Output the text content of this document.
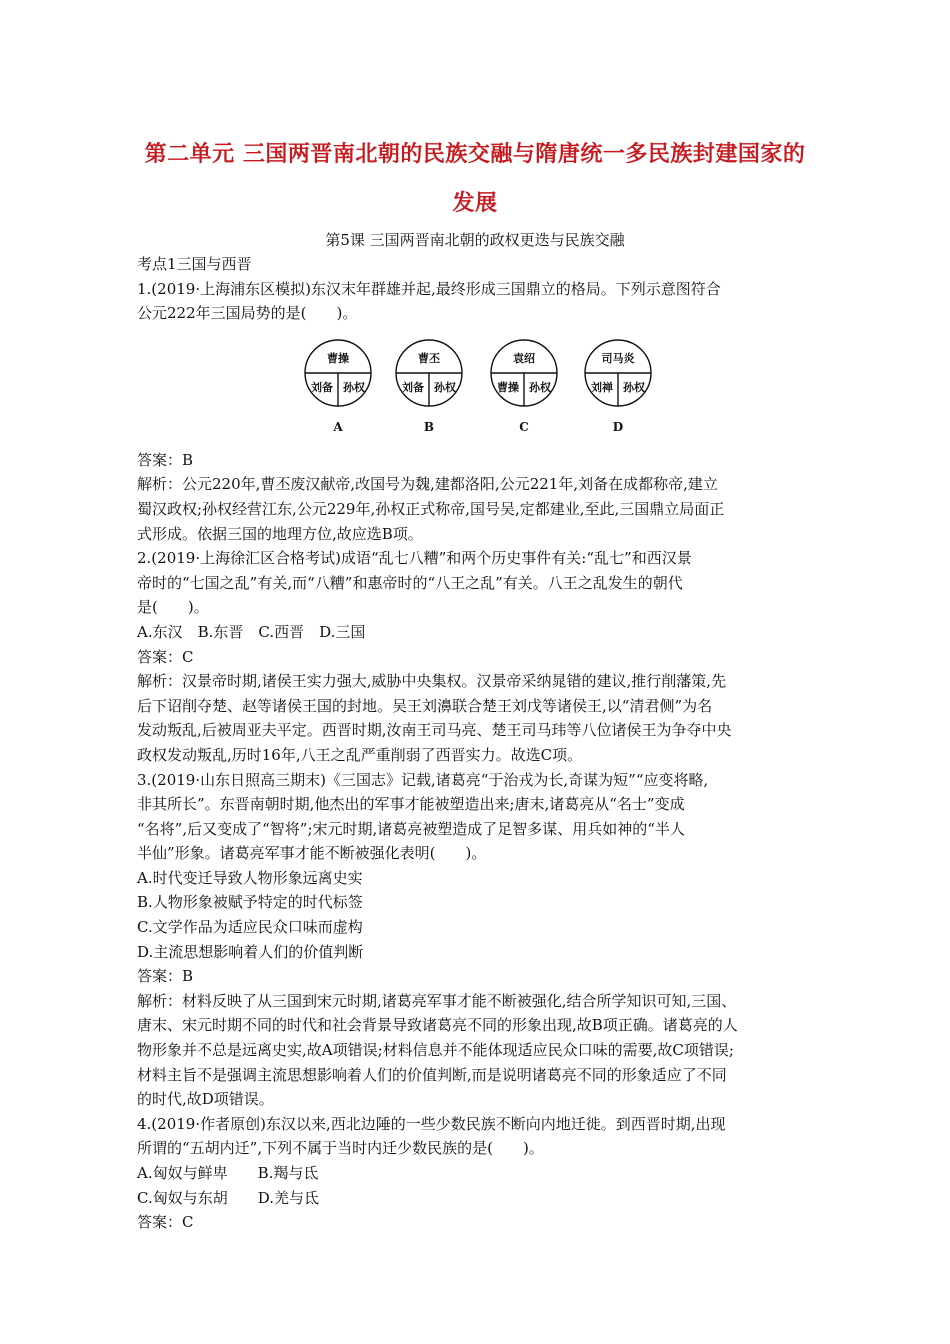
第二单元 三国两晋南北朝的民族交融与隋唐统一多民族封建国家的
发展
第5课 三国两晋南北朝的政权更迭与民族交融

考点1三国与西晋

1.(2019·上海浦东区模拟)东汉末年群雄并起,最终形成三国鼎立的格局。下列示意图符合

公元222年三国局势的是(　　)。

曹操
刘备 孙权
A
曹丕
刘备 孙权
B
袁绍
曹操 孙权
C
司马炎
刘禅 孙权
D

答案：B

解析：公元220年,曹丕废汉献帝,改国号为魏,建都洛阳,公元221年,刘备在成都称帝,建立

蜀汉政权;孙权经营江东,公元229年,孙权正式称帝,国号吴,定都建业,至此,三国鼎立局面正

式形成。依据三国的地理方位,故应选B项。

2.(2019·上海徐汇区合格考试)成语“乱七八糟”和两个历史事件有关:“乱七”和西汉景

帝时的“七国之乱”有关,而“八糟”和惠帝时的“八王之乱”有关。八王之乱发生的朝代

是(　　)。

A.东汉　B.东晋　C.西晋　D.三国

答案：C

解析：汉景帝时期,诸侯王实力强大,威胁中央集权。汉景帝采纳晁错的建议,推行削藩策,先

后下诏削夺楚、赵等诸侯王国的封地。吴王刘濞联合楚王刘戊等诸侯王,以“清君侧”为名

发动叛乱,后被周亚夫平定。西晋时期,汝南王司马亮、楚王司马玮等八位诸侯王为争夺中央

政权发动叛乱,历时16年,八王之乱严重削弱了西晋实力。故选C项。

3.(2019·山东日照高三期末)《三国志》记载,诸葛亮“于治戎为长,奇谋为短”“应变将略,

非其所长”。东晋南朝时期,他杰出的军事才能被塑造出来;唐末,诸葛亮从“名士”变成

“名将”,后又变成了“智将”;宋元时期,诸葛亮被塑造成了足智多谋、用兵如神的“半人

半仙”形象。诸葛亮军事才能不断被强化表明(　　)。

A.时代变迁导致人物形象远离史实

B.人物形象被赋予特定的时代标签

C.文学作品为适应民众口味而虚构

D.主流思想影响着人们的价值判断

答案：B

解析：材料反映了从三国到宋元时期,诸葛亮军事才能不断被强化,结合所学知识可知,三国、

唐末、宋元时期不同的时代和社会背景导致诸葛亮不同的形象出现,故B项正确。诸葛亮的人

物形象并不总是远离史实,故A项错误;材料信息并不能体现适应民众口味的需要,故C项错误;

材料主旨不是强调主流思想影响着人们的价值判断,而是说明诸葛亮不同的形象适应了不同

的时代,故D项错误。

4.(2019·作者原创)东汉以来,西北边陲的一些少数民族不断向内地迁徙。到西晋时期,出现

所谓的“五胡内迁”,下列不属于当时内迁少数民族的是(　　)。

A.匈奴与鲜卑　　B.羯与氐

C.匈奴与东胡　　D.羌与氐

答案：C
